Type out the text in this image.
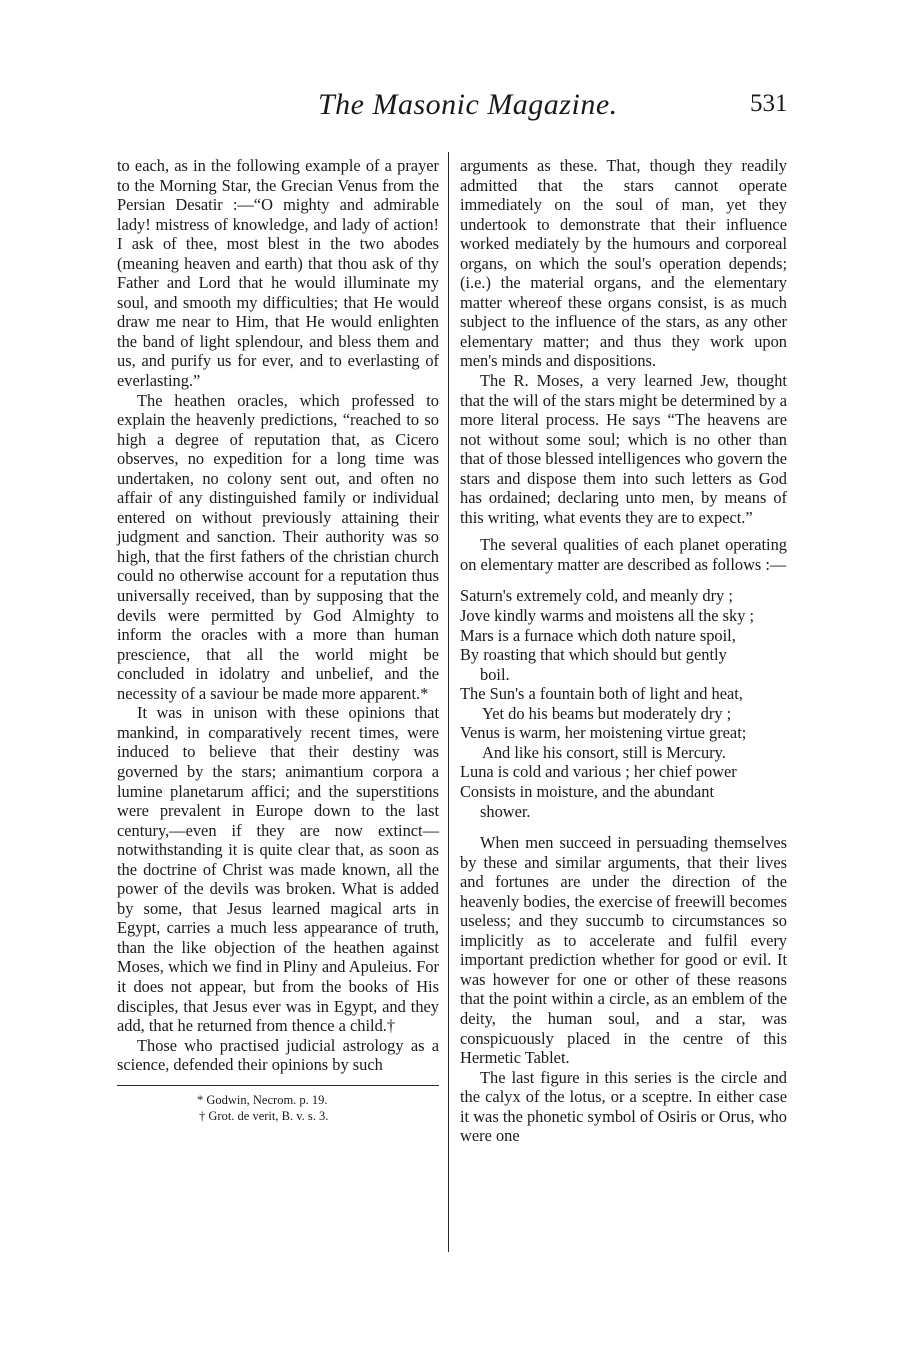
The Masonic Magazine.	531

to each, as in the following example of a prayer to the Morning Star, the Grecian Venus from the Persian Desatir :—“O mighty and admirable lady! mistress of knowledge, and lady of action! I ask of thee, most blest in the two abodes (meaning heaven and earth) that thou ask of thy Father and Lord that he would illuminate my soul, and smooth my difficulties; that He would draw me near to Him, that He would enlighten the band of light splendour, and bless them and us, and purify us for ever, and to everlasting of everlasting.”

The heathen oracles, which professed to explain the heavenly predictions, “reached to so high a degree of reputation that, as Cicero observes, no expedition for a long time was undertaken, no colony sent out, and often no affair of any distinguished family or individual entered on without previously attaining their judgment and sanction. Their authority was so high, that the first fathers of the christian church could no otherwise account for a reputation thus universally received, than by supposing that the devils were permitted by God Almighty to inform the oracles with a more than human prescience, that all the world might be concluded in idolatry and unbelief, and the necessity of a saviour be made more apparent.*

It was in unison with these opinions that mankind, in comparatively recent times, were induced to believe that their destiny was governed by the stars; animantium corpora a lumine planetarum affici; and the superstitions were prevalent in Europe down to the last century,—even if they are now extinct—notwithstanding it is quite clear that, as soon as the doctrine of Christ was made known, all the power of the devils was broken. What is added by some, that Jesus learned magical arts in Egypt, carries a much less appearance of truth, than the like objection of the heathen against Moses, which we find in Pliny and Apuleius. For it does not appear, but from the books of His disciples, that Jesus ever was in Egypt, and they add, that he returned from thence a child.†

Those who practised judicial astrology as a science, defended their opinions by such

* Godwin, Necrom. p. 19.
† Grot. de verit, B. v. s. 3.

arguments as these. That, though they readily admitted that the stars cannot operate immediately on the soul of man, yet they undertook to demonstrate that their influence worked mediately by the humours and corporeal organs, on which the soul's operation depends; (i.e.) the material organs, and the elementary matter whereof these organs consist, is as much subject to the influence of the stars, as any other elementary matter; and thus they work upon men's minds and dispositions.

The R. Moses, a very learned Jew, thought that the will of the stars might be determined by a more literal process. He says “The heavens are not without some soul; which is no other than that of those blessed intelligences who govern the stars and dispose them into such letters as God has ordained; declaring unto men, by means of this writing, what events they are to expect.”

The several qualities of each planet operating on elementary matter are described as follows :—

Saturn's extremely cold, and meanly dry ;
Jove kindly warms and moistens all the sky ;
Mars is a furnace which doth nature spoil,
By roasting that which should but gently
boil.
The Sun's a fountain both of light and heat,
Yet do his beams but moderately dry ;
Venus is warm, her moistening virtue great;
And like his consort, still is Mercury.
Luna is cold and various ; her chief power
Consists in moisture, and the abundant
shower.

When men succeed in persuading themselves by these and similar arguments, that their lives and fortunes are under the direction of the heavenly bodies, the exercise of freewill becomes useless; and they succumb to circumstances so implicitly as to accelerate and fulfil every important prediction whether for good or evil. It was however for one or other of these reasons that the point within a circle, as an emblem of the deity, the human soul, and a star, was conspicuously placed in the centre of this Hermetic Tablet.

The last figure in this series is the circle and the calyx of the lotus, or a sceptre. In either case it was the phonetic symbol of Osiris or Orus, who were one
